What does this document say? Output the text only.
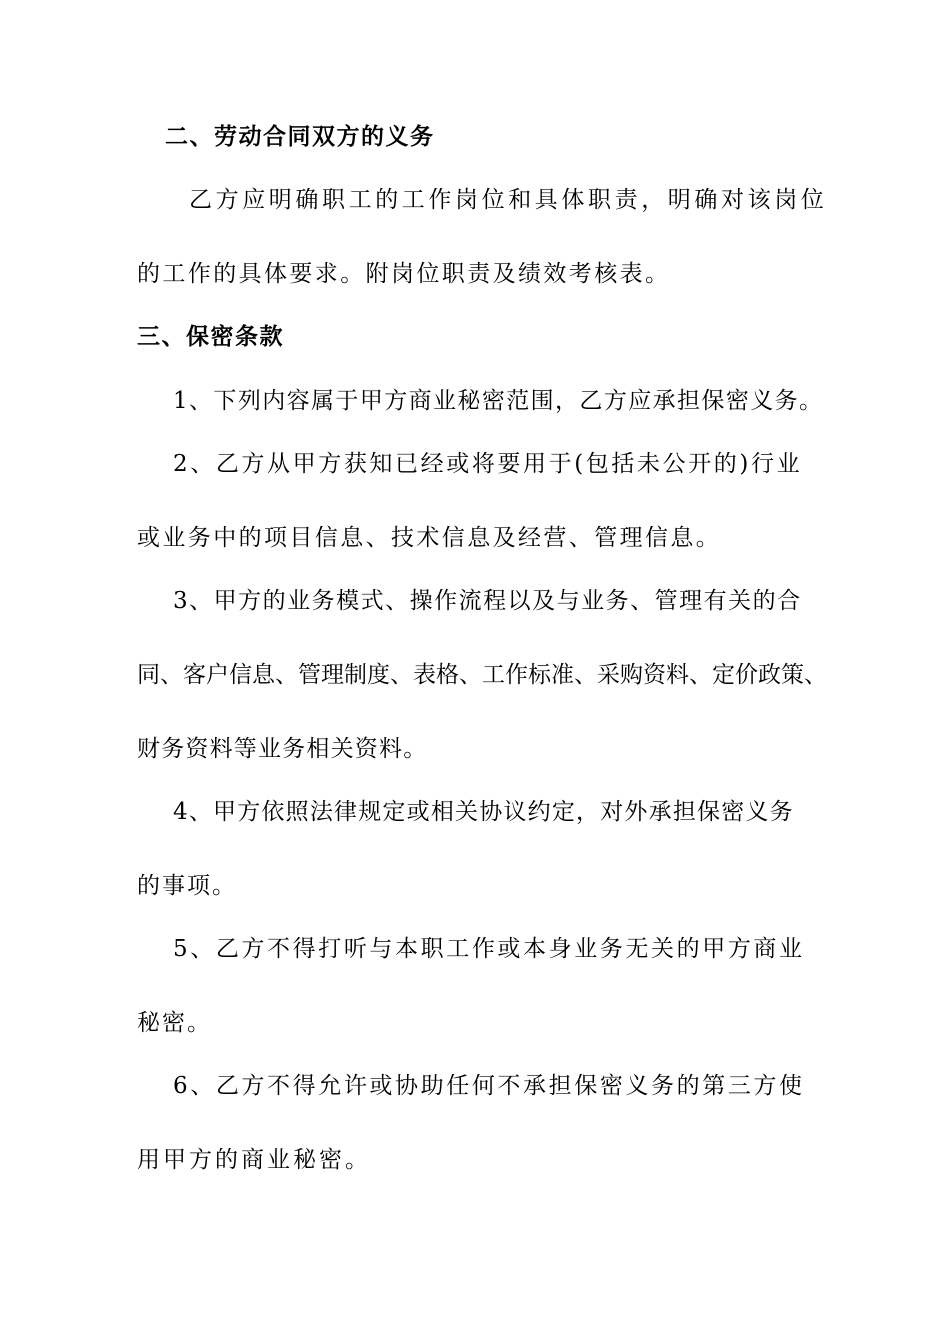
二、劳动合同双方的义务
乙方应明确职工的工作岗位和具体职责，明确对该岗位
的工作的具体要求。附岗位职责及绩效考核表。
三、保密条款
1、下列内容属于甲方商业秘密范围，乙方应承担保密义务。
2、乙方从甲方获知已经或将要用于(包括未公开的)行业
或业务中的项目信息、技术信息及经营、管理信息。
3、甲方的业务模式、操作流程以及与业务、管理有关的合
同、客户信息、管理制度、表格、工作标准、采购资料、定价政策、
财务资料等业务相关资料。
4、甲方依照法律规定或相关协议约定，对外承担保密义务
的事项。
5、乙方不得打听与本职工作或本身业务无关的甲方商业
秘密。
6、乙方不得允许或协助任何不承担保密义务的第三方使
用甲方的商业秘密。
